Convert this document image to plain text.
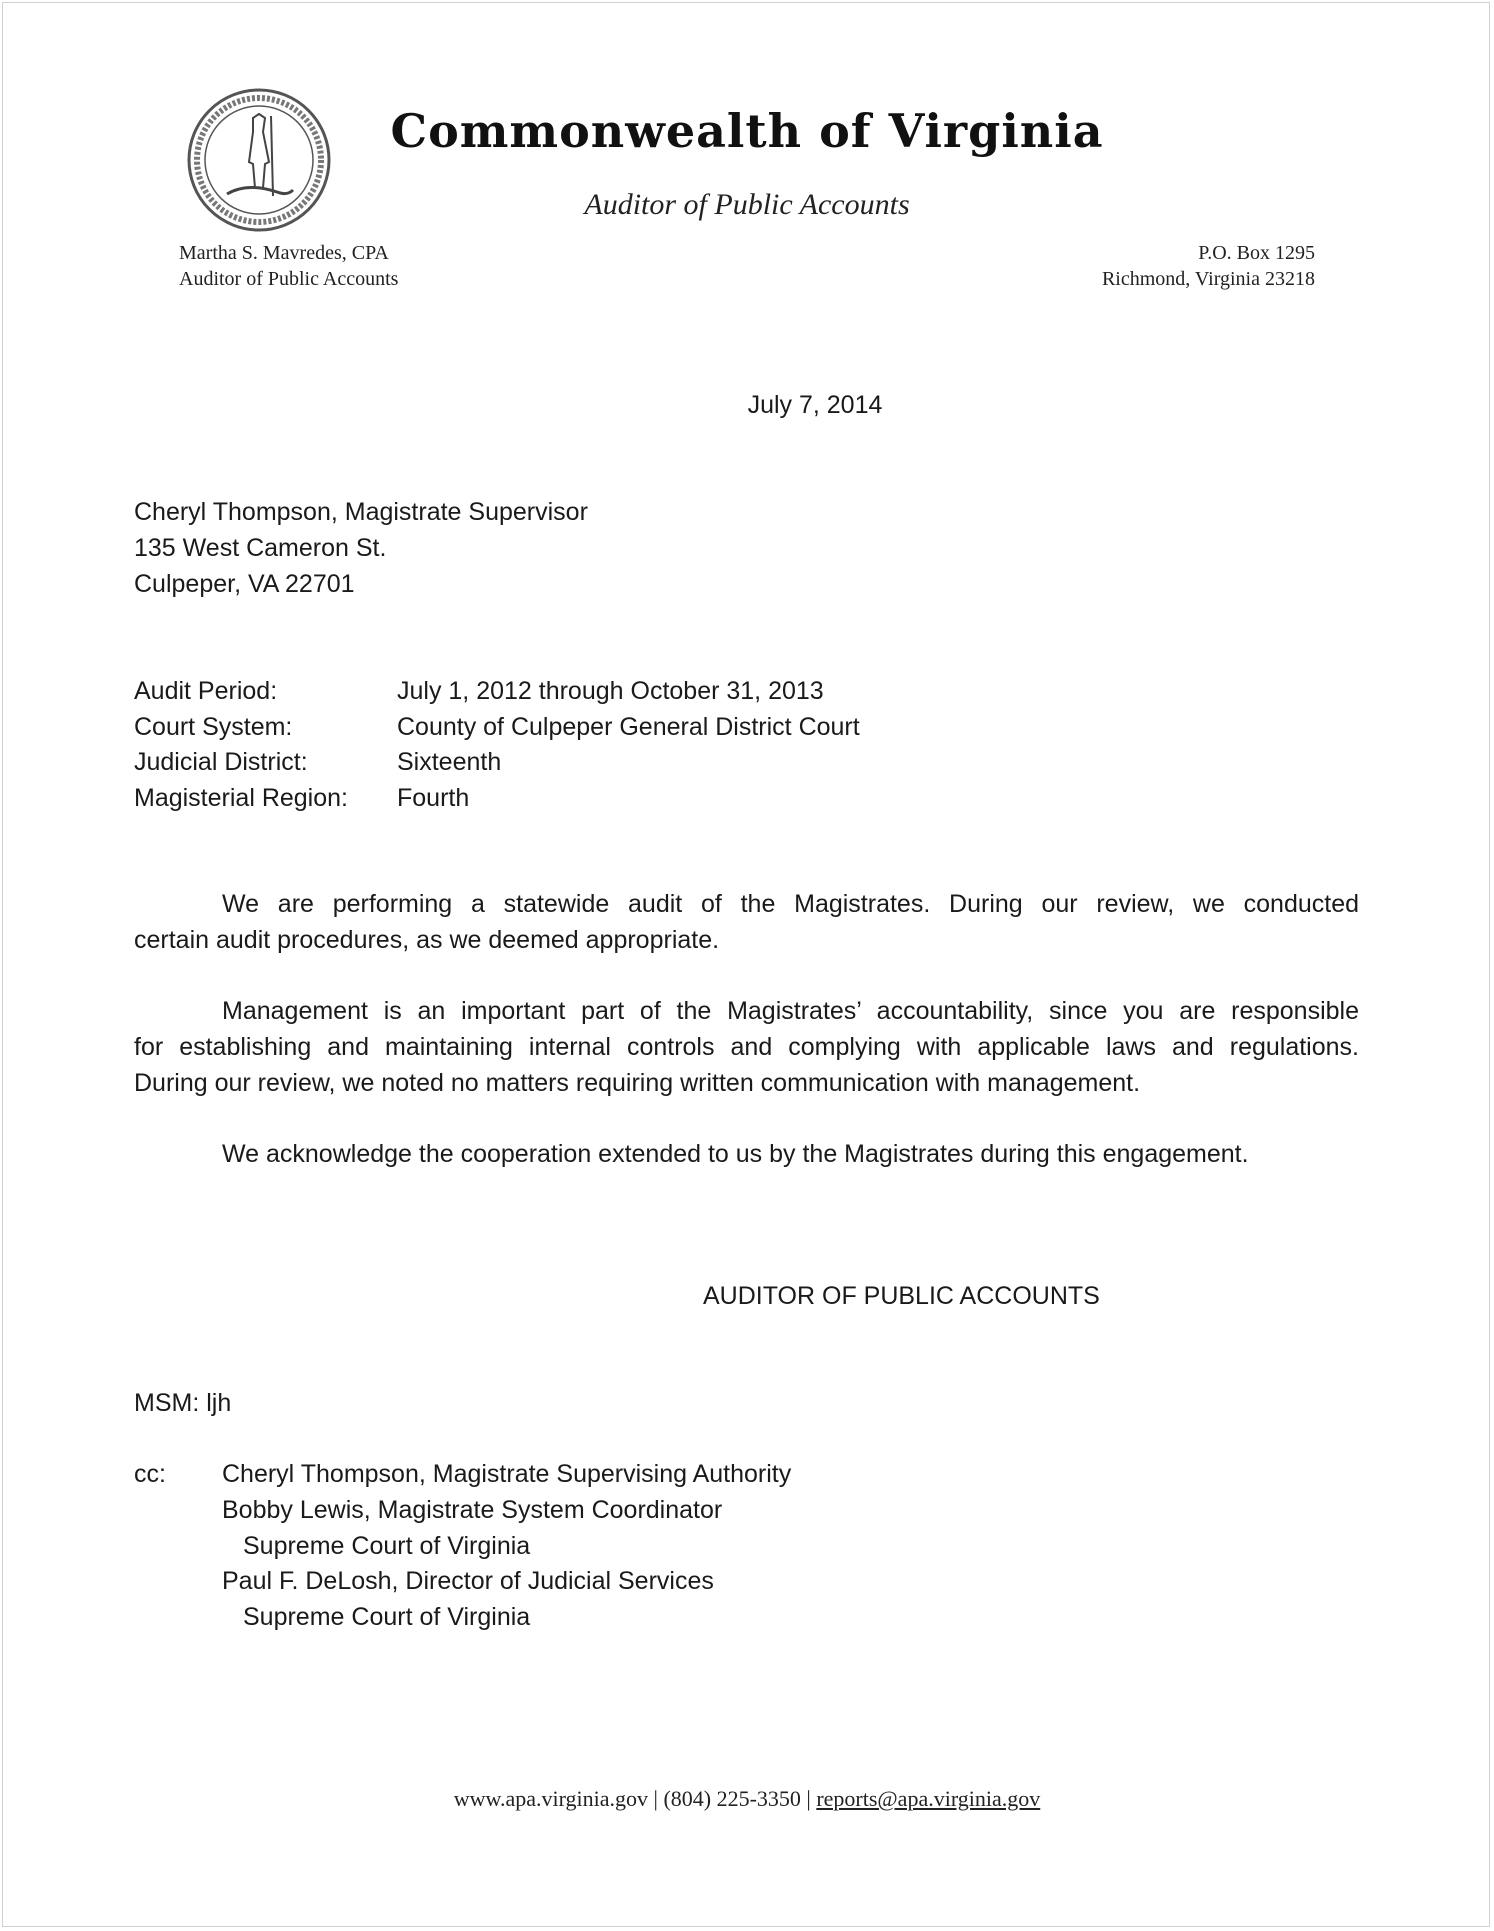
Commonwealth of Virginia
Auditor of Public Accounts
Martha S. Mavredes, CPA
Auditor of Public Accounts
P.O. Box 1295
Richmond, Virginia 23218
July 7, 2014
Cheryl Thompson, Magistrate Supervisor
135 West Cameron St.
Culpeper, VA 22701
Audit Period:	July 1, 2012 through October 31, 2013
Court System:	County of Culpeper General District Court
Judicial District:	Sixteenth
Magisterial Region: Fourth
We are performing a statewide audit of the Magistrates. During our review, we conducted
certain audit procedures, as we deemed appropriate.
Management is an important part of the Magistrates’ accountability, since you are responsible
for establishing and maintaining internal controls and complying with applicable laws and regulations.
During our review, we noted no matters requiring written communication with management.
We acknowledge the cooperation extended to us by the Magistrates during this engagement.
AUDITOR OF PUBLIC ACCOUNTS
MSM: ljh
cc: Cheryl Thompson, Magistrate Supervising Authority
Bobby Lewis, Magistrate System Coordinator
Supreme Court of Virginia
Paul F. DeLosh, Director of Judicial Services
Supreme Court of Virginia
www.apa.virginia.gov | (804) 225-3350 | reports@apa.virginia.gov
